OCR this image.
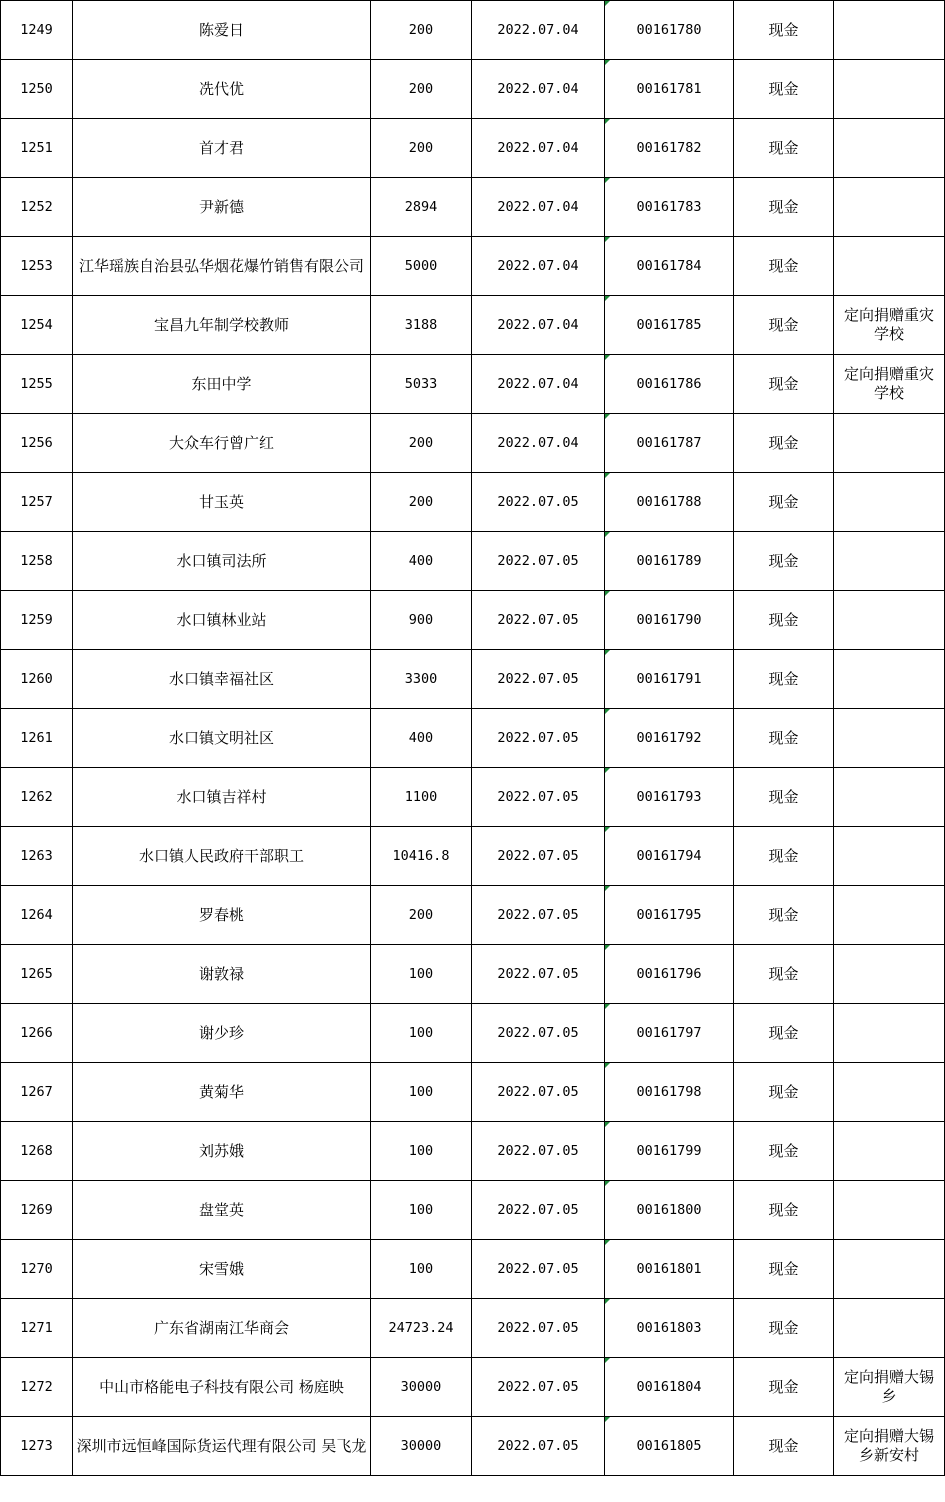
1249	陈爱日	200	2022.07.04	00161780	现金	
1250	冼代优	200	2022.07.04	00161781	现金	
1251	首才君	200	2022.07.04	00161782	现金	
1252	尹新德	2894	2022.07.04	00161783	现金	
1253	江华瑶族自治县弘华烟花爆竹销售有限公司	5000	2022.07.04	00161784	现金	
1254	宝昌九年制学校教师	3188	2022.07.04	00161785	现金	定向捐赠重灾学校
1255	东田中学	5033	2022.07.04	00161786	现金	定向捐赠重灾学校
1256	大众车行曾广红	200	2022.07.04	00161787	现金	
1257	甘玉英	200	2022.07.05	00161788	现金	
1258	水口镇司法所	400	2022.07.05	00161789	现金	
1259	水口镇林业站	900	2022.07.05	00161790	现金	
1260	水口镇幸福社区	3300	2022.07.05	00161791	现金	
1261	水口镇文明社区	400	2022.07.05	00161792	现金	
1262	水口镇吉祥村	1100	2022.07.05	00161793	现金	
1263	水口镇人民政府干部职工	10416.8	2022.07.05	00161794	现金	
1264	罗春桃	200	2022.07.05	00161795	现金	
1265	谢敦禄	100	2022.07.05	00161796	现金	
1266	谢少珍	100	2022.07.05	00161797	现金	
1267	黄菊华	100	2022.07.05	00161798	现金	
1268	刘苏娥	100	2022.07.05	00161799	现金	
1269	盘堂英	100	2022.07.05	00161800	现金	
1270	宋雪娥	100	2022.07.05	00161801	现金	
1271	广东省湖南江华商会	24723.24	2022.07.05	00161803	现金	
1272	中山市格能电子科技有限公司 杨庭映	30000	2022.07.05	00161804	现金	定向捐赠大锡乡
1273	深圳市远恒峰国际货运代理有限公司 吴飞龙	30000	2022.07.05	00161805	现金	定向捐赠大锡乡新安村
